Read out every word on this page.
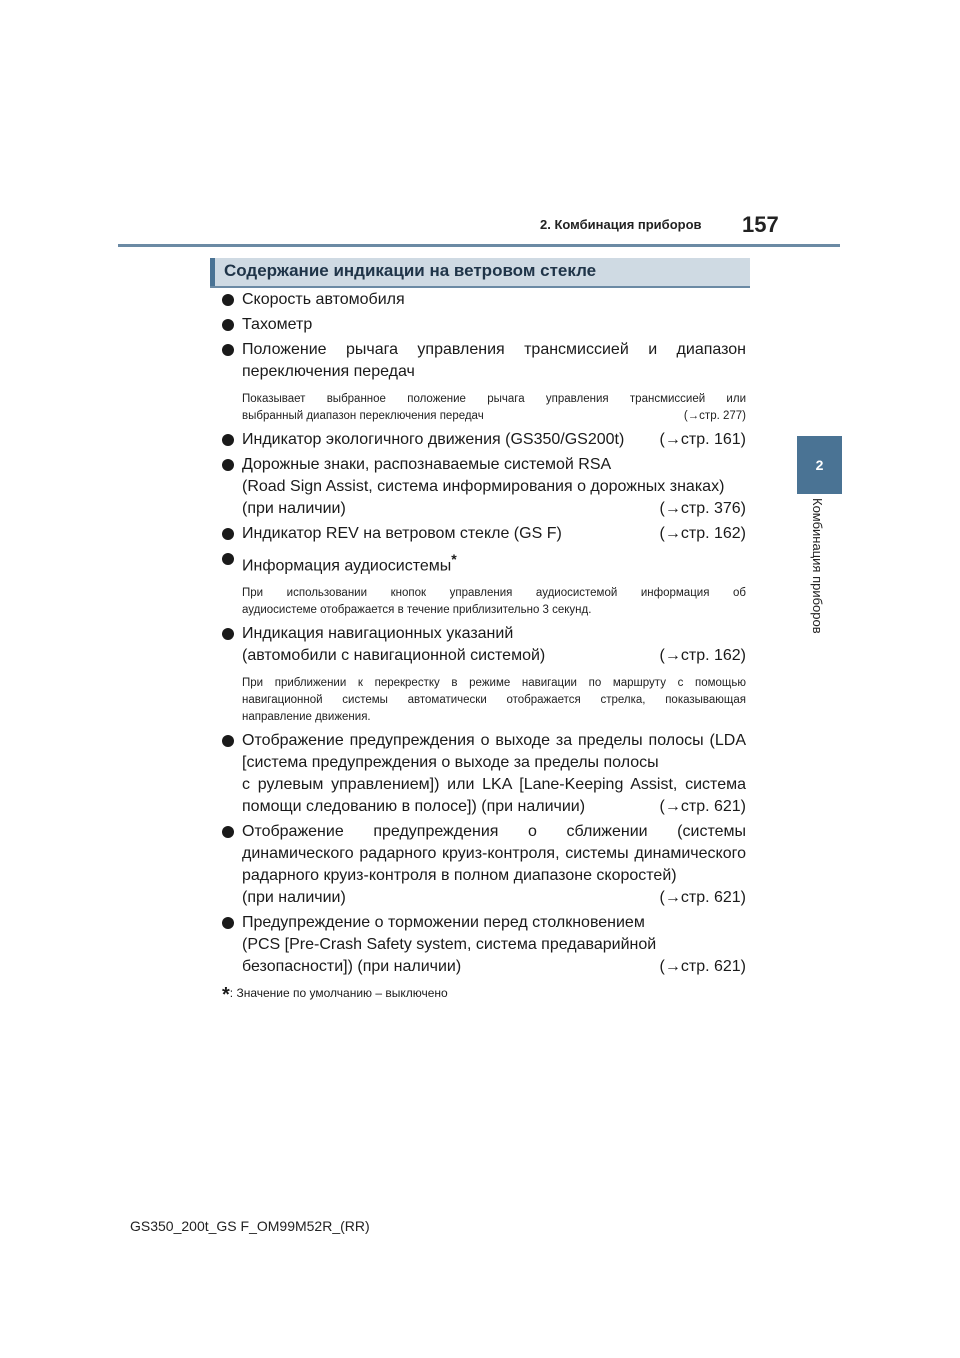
2. Комбинация приборов 157
2
Комбинация приборов
Содержание индикации на ветровом стекле
Скорость автомобиля
Тахометр
Положение рычага управления трансмиссией и диапазон
переключения передач
Показывает выбранное положение рычага управления трансмиссией или
выбранный диапазон переключения передач	(→стр. 277)
Индикатор экологичного движения (GS350/GS200t) (→стр. 161)
Дорожные знаки, распознаваемые системой RSA
(Road Sign Assist, система информирования о дорожных знаках)
(при наличии)	(→стр. 376)
Индикатор REV на ветровом стекле (GS F)	(→стр. 162)
Информация аудиосистемы*
При использовании кнопок управления аудиосистемой информация об
аудиосистеме отображается в течение приблизительно 3 секунд.
Индикация навигационных указаний
(автомобили с навигационной системой)	(→стр. 162)
При приближении к перекрестку в режиме навигации по маршруту с помощью
навигационной системы автоматически отображается стрелка, показывающая
направление движения.
Отображение предупреждения о выходе за пределы полосы (LDA
[система предупреждения о выходе за пределы полосы
с рулевым управлением]) или LKA [Lane-Keeping Assist, система
помощи следованию в полосе]) (при наличии)	(→стр. 621)
Отображение предупреждения о сближении (системы
динамического радарного круиз-контроля, системы динамического
радарного круиз-контроля в полном диапазоне скоростей)
(при наличии)	(→стр. 621)
Предупреждение о торможении перед столкновением
(PCS [Pre-Crash Safety system, система предаварийной
безопасности]) (при наличии)	(→стр. 621)
*: Значение по умолчанию – выключено
GS350_200t_GS F_OM99M52R_(RR)
